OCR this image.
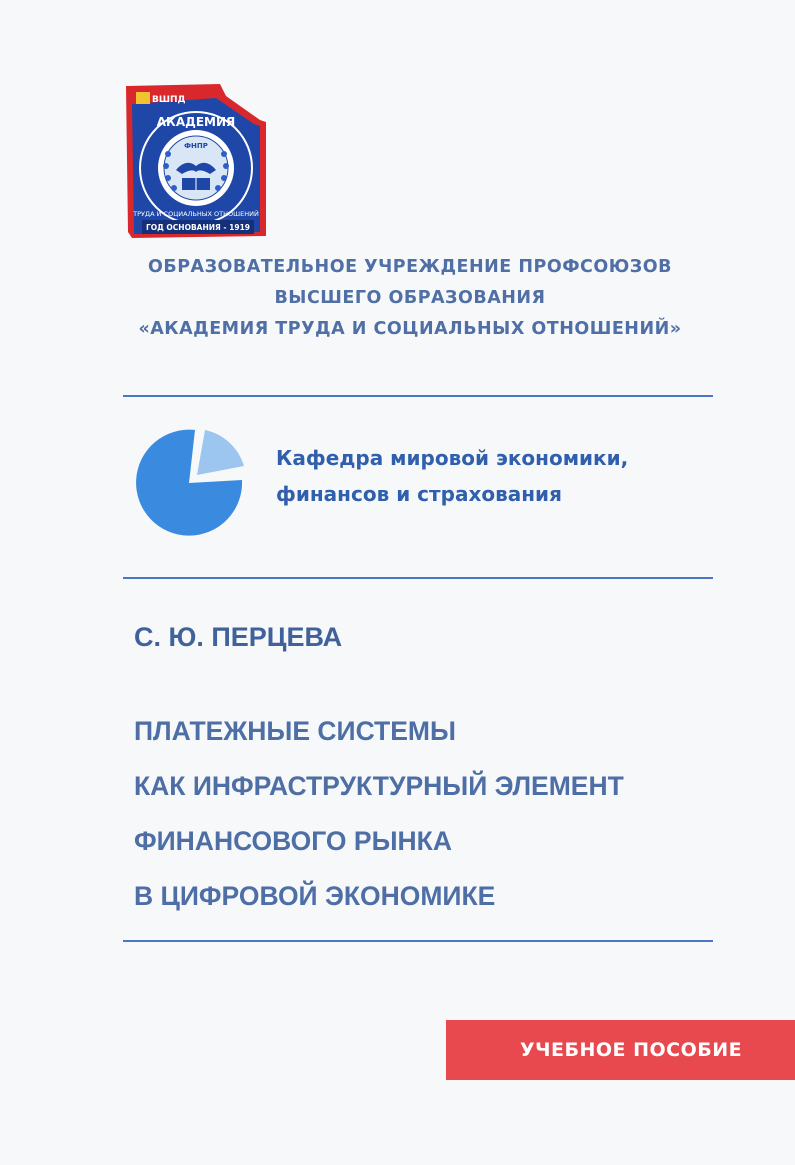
ВШПД
ФНПР
АКАДЕМИЯ
ТРУДА И СОЦИАЛЬНЫХ ОТНОШЕНИЙ
ГОД ОСНОВАНИЯ - 1919
ОБРАЗОВАТЕЛЬНОЕ УЧРЕЖДЕНИЕ ПРОФСОЮЗОВ
ВЫСШЕГО ОБРАЗОВАНИЯ
«АКАДЕМИЯ ТРУДА И СОЦИАЛЬНЫХ ОТНОШЕНИЙ»
Кафедра мировой экономики,
финансов и страхования
С. Ю. ПЕРЦЕВА
ПЛАТЕЖНЫЕ СИСТЕМЫ
КАК ИНФРАСТРУКТУРНЫЙ ЭЛЕМЕНТ
ФИНАНСОВОГО РЫНКА
В ЦИФРОВОЙ ЭКОНОМИКЕ
УЧЕБНОЕ ПОСОБИЕ
